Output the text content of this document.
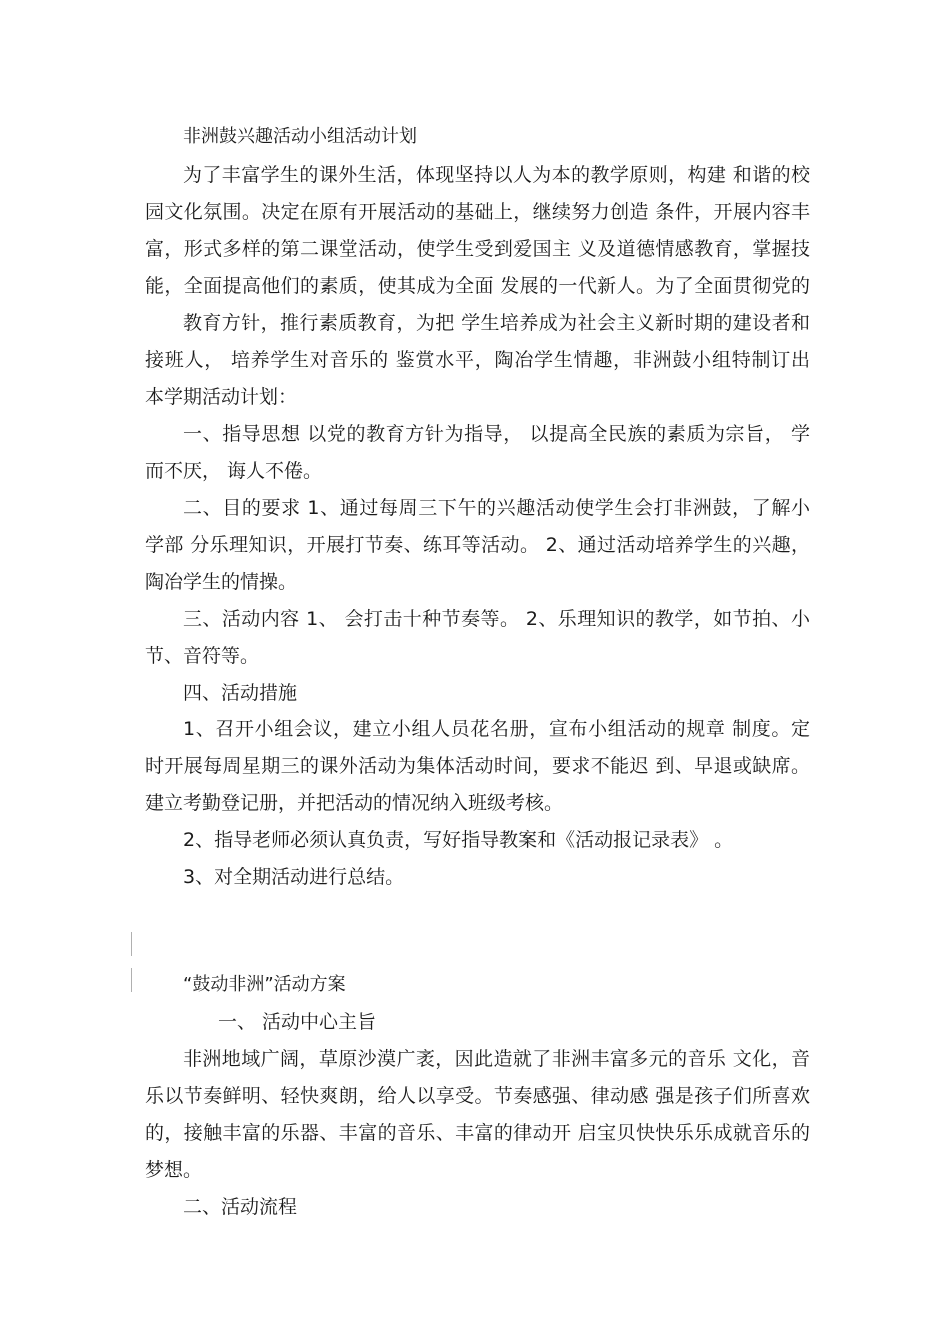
非洲鼓兴趣活动小组活动计划
为了丰富学生的课外生活，体现坚持以人为本的教学原则，构建 和谐的校
园文化氛围。决定在原有开展活动的基础上，继续努力创造 条件，开展内容丰
富，形式多样的第二课堂活动，使学生受到爱国主 义及道德情感教育，掌握技
能，全面提高他们的素质，使其成为全面 发展的一代新人。为了全面贯彻党的
教育方针，推行素质教育，为把 学生培养成为社会主义新时期的建设者和
接班人， 培养学生对音乐的 鉴赏水平，陶冶学生情趣，非洲鼓小组特制订出
本学期活动计划：
一、指导思想 以党的教育方针为指导， 以提高全民族的素质为宗旨， 学
而不厌， 诲人不倦。
二、目的要求 1、通过每周三下午的兴趣活动使学生会打非洲鼓，了解小
学部 分乐理知识，开展打节奏、练耳等活动。 2、通过活动培养学生的兴趣，
陶冶学生的情操。
三、活动内容 1、 会打击十种节奏等。 2、乐理知识的教学，如节拍、小
节、音符等。
四、活动措施
1、召开小组会议，建立小组人员花名册，宣布小组活动的规章 制度。定
时开展每周星期三的课外活动为集体活动时间，要求不能迟 到、早退或缺席。
建立考勤登记册，并把活动的情况纳入班级考核。
2、指导老师必须认真负责，写好指导教案和《活动报记录表》 。
3、对全期活动进行总结。
“鼓动非洲”活动方案
一、 活动中心主旨
非洲地域广阔，草原沙漠广袤，因此造就了非洲丰富多元的音乐 文化，音
乐以节奏鲜明、轻快爽朗，给人以享受。节奏感强、律动感 强是孩子们所喜欢
的，接触丰富的乐器、丰富的音乐、丰富的律动开 启宝贝快快乐乐成就音乐的
梦想。
二、活动流程
